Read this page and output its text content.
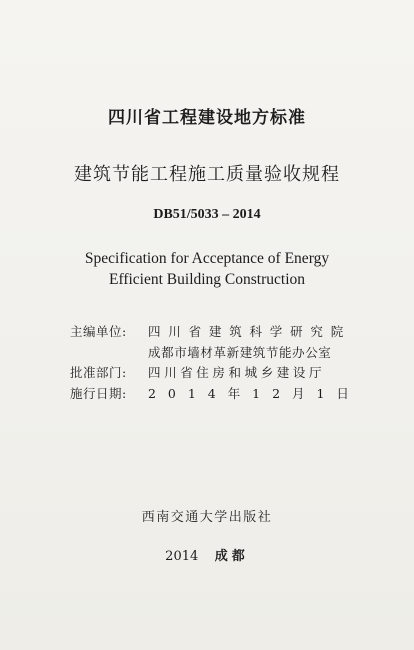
四川省工程建设地方标准
建筑节能工程施工质量验收规程
DB51/5033 – 2014
Specification for Acceptance of Energy
Efficient Building Construction
主编单位:	四川省建筑科学研究院
成都市墙材革新建筑节能办公室
批准部门:	四川省住房和城乡建设厅
施行日期:	2 0 1 4 年 1 2 月 1 日
西南交通大学出版社
2014 成都
